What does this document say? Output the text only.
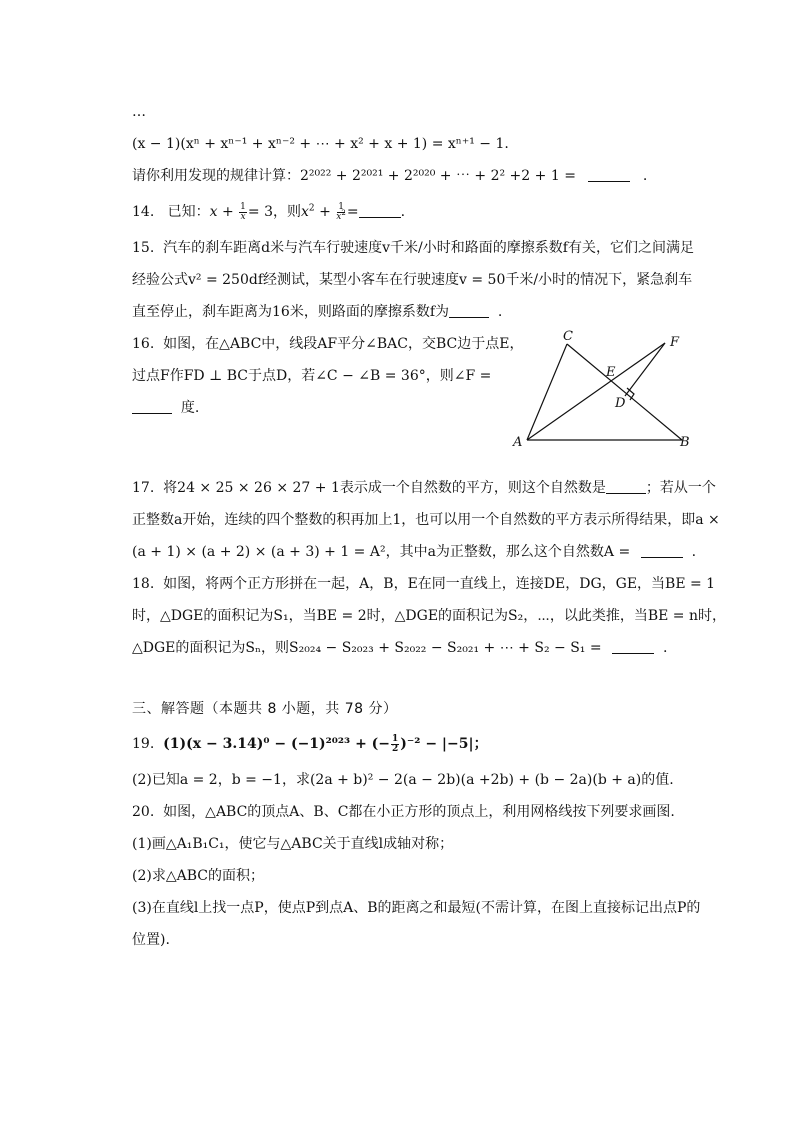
…
(x − 1)(xⁿ + xⁿ⁻¹ + xⁿ⁻² + ⋯ + x² + x + 1) = xⁿ⁺¹ − 1.
请你利用发现的规律计算：2²⁰²² + 2²⁰²¹ + 2²⁰²⁰ + ⋯ + 2² +2 + 1 =	.
14. 已知：$x + \frac{1}{x} = 3$，则$x^2 + \frac{1}{x^2}$ =	.
15. 汽车的刹车距离d米与汽车行驶速度v千米/小时和路面的摩擦系数f有关，它们之间满足
经验公式v² = 250df经测试，某型小客车在行驶速度v = 50千米/小时的情况下，紧急刹车
直至停止，刹车距离为16米，则路面的摩擦系数f为	.
16. 如图，在△ABC中，线段AF平分∠BAC，交BC边于点E，
过点F作FD ⊥ BC于点D，若∠C − ∠B = 36°，则∠F =
度.
C	F
E
D
A	B
17. 将24 × 25 × 26 × 27 + 1表示成一个自然数的平方，则这个自然数是	；若从一个
正整数a开始，连续的四个整数的积再加上1，也可以用一个自然数的平方表示所得结果，即a ×
(a + 1) × (a + 2) × (a + 3) + 1 = A²，其中a为正整数，那么这个自然数A =	.
18. 如图，将两个正方形拼在一起，A，B，E在同一直线上，连接DE，DG，GE，当BE = 1
时，△DGE的面积记为S₁，当BE = 2时，△DGE的面积记为S₂，⋯，以此类推，当BE = n时，
△DGE的面积记为Sₙ，则S₂₀₂₄ − S₂₀₂₃ + S₂₀₂₂ − S₂₀₂₁ + ⋯ + S₂ − S₁ =	.
三、解答题（本题共 8 小题，共 78 分）
19. (1)(x − 3.14)⁰ − (−1)²⁰²³ + (− $\frac{1}{2} )^{-2} - |-5|$；
(2)已知a = 2，b = −1，求(2a + b)² − 2(a − 2b)(a +2b) + (b − 2a)(b + a)的值.
20. 如图，△ABC的顶点A、B、C都在小正方形的顶点上，利用网格线按下列要求画图.
(1)画△A₁B₁C₁，使它与△ABC关于直线l成轴对称；
(2)求△ABC的面积；
(3)在直线l上找一点P，使点P到点A、B的距离之和最短(不需计算，在图上直接标记出点P的
位置).
